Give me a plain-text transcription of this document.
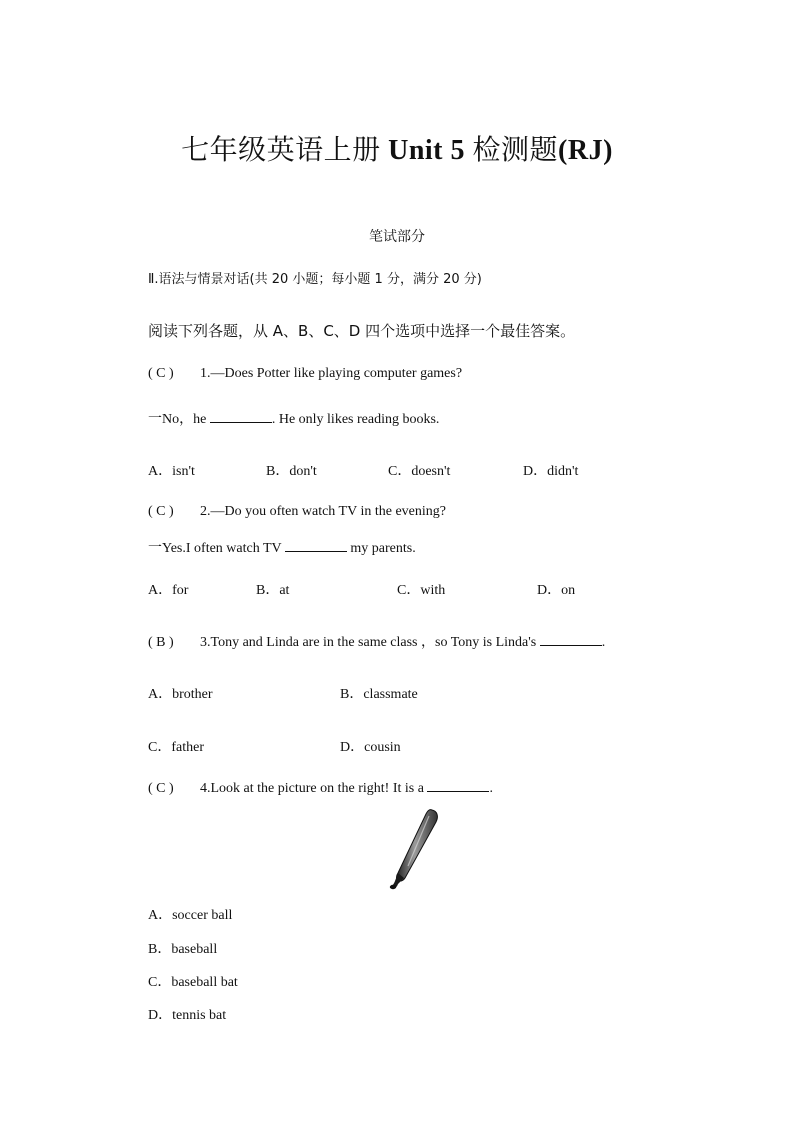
七年级英语上册 Unit 5 检测题(RJ)
笔试部分
Ⅱ.语法与情景对话(共 20 小题；每小题 1 分，满分 20 分)
阅读下列各题，从 A、B、C、D 四个选项中选择一个最佳答案。
( C ) 1.—Does Potter like playing computer games?
一No，he	. He only likes reading books.
A．isn't	B．don't	C．doesn't	D．didn't
( C ) 2.—Do you often watch TV in the evening?
一Yes.I often watch TV	my parents.
A．for	B．at	C．with	D．on
( B ) 3.Tony and Linda are in the same class ，so Tony is Linda's	.
A．brother	B．classmate
C．father	D．cousin
( C ) 4.Look at the picture on the right! It is a	.
A．soccer ball
B．baseball
C．baseball bat
D．tennis bat
